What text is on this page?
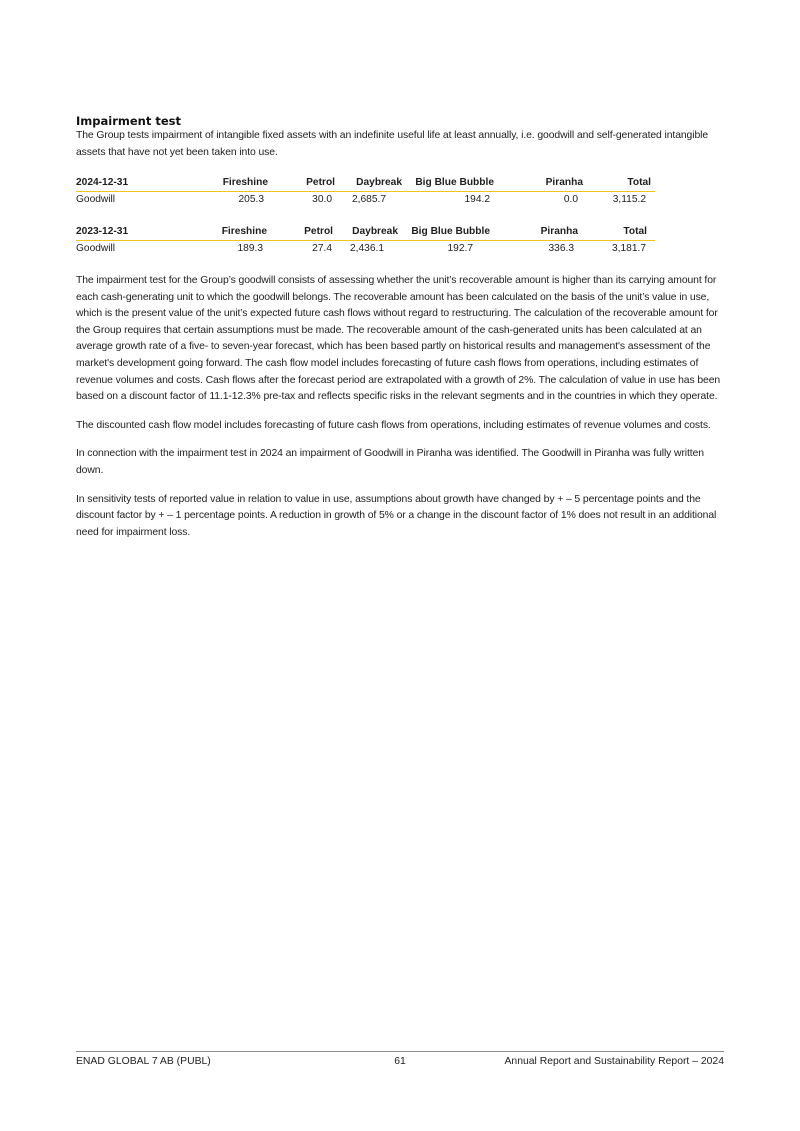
Impairment test

The Group tests impairment of intangible fixed assets with an indefinite useful life at least annually, i.e. goodwill and self-generated intangible assets that have not yet been taken into use.

2024-12-31	Fireshine	Petrol	Daybreak	Big Blue Bubble	Piranha	Total
Goodwill	205.3	30.0	2,685.7	194.2	0.0	3,115.2
2023-12-31	Fireshine	Petrol	Daybreak	Big Blue Bubble	Piranha	Total
Goodwill	189.3	27.4	2,436.1	192.7	336.3	3,181.7

The impairment test for the Group’s goodwill consists of assessing whether the unit’s recoverable amount is higher than its carrying amount for each cash-generating unit to which the goodwill belongs. The recoverable amount has been calculated on the basis of the unit’s value in use, which is the present value of the unit’s expected future cash flows without regard to restructuring. The calculation of the recoverable amount for the Group requires that certain assumptions must be made. The recoverable amount of the cash-generated units has been calculated at an average growth rate of a five- to seven-year forecast, which has been based partly on historical results and management's assessment of the market's development going forward. The cash flow model includes forecasting of future cash flows from operations, including estimates of revenue volumes and costs. Cash flows after the forecast period are extrapolated with a growth of 2%. The calculation of value in use has been based on a discount factor of 11.1-12.3% pre-tax and reflects specific risks in the relevant segments and in the countries in which they operate.

The discounted cash flow model includes forecasting of future cash flows from operations, including estimates of revenue volumes and costs.

In connection with the impairment test in 2024 an impairment of Goodwill in Piranha was identified. The Goodwill in Piranha was fully written down.

In sensitivity tests of reported value in relation to value in use, assumptions about growth have changed by + – 5 percentage points and the discount factor by + – 1 percentage points. A reduction in growth of 5% or a change in the discount factor of 1% does not result in an additional need for impairment loss.

ENAD GLOBAL 7 AB (PUBL)	61	Annual Report and Sustainability Report – 2024
